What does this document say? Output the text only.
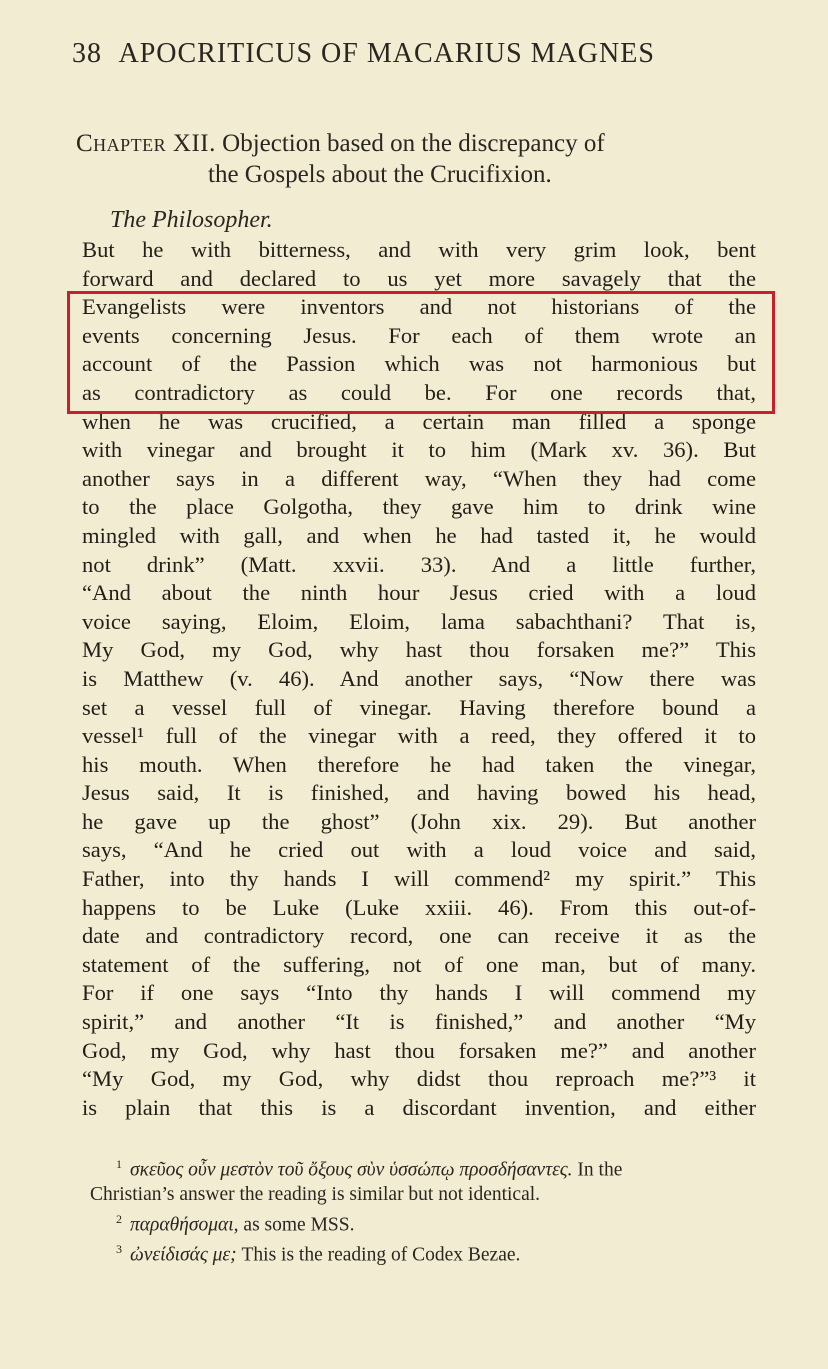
38 APOCRITICUS OF MACARIUS MAGNES
Chapter XII. Objection based on the discrepancy of
the Gospels about the Crucifixion.
The Philosopher.
But he with bitterness, and with very grim look, bent
forward and declared to us yet more savagely that the
Evangelists were inventors and not historians of the
events concerning Jesus. For each of them wrote an
account of the Passion which was not harmonious but
as contradictory as could be. For one records that,
when he was crucified, a certain man filled a sponge
with vinegar and brought it to him (Mark xv. 36). But
another says in a different way, “When they had come
to the place Golgotha, they gave him to drink wine
mingled with gall, and when he had tasted it, he would
not drink” (Matt. xxvii. 33). And a little further,
“And about the ninth hour Jesus cried with a loud
voice saying, Eloim, Eloim, lama sabachthani? That is,
My God, my God, why hast thou forsaken me?” This
is Matthew (v. 46). And another says, “Now there was
set a vessel full of vinegar. Having therefore bound a
vessel¹ full of the vinegar with a reed, they offered it to
his mouth. When therefore he had taken the vinegar,
Jesus said, It is finished, and having bowed his head,
he gave up the ghost” (John xix. 29). But another
says, “And he cried out with a loud voice and said,
Father, into thy hands I will commend² my spirit.” This
happens to be Luke (Luke xxiii. 46). From this out-of-
date and contradictory record, one can receive it as the
statement of the suffering, not of one man, but of many.
For if one says “Into thy hands I will commend my
spirit,” and another “It is finished,” and another “My
God, my God, why hast thou forsaken me?” and another
“My God, my God, why didst thou reproach me?”³ it
is plain that this is a discordant invention, and either
$^1$ σκεῦος οὖν μεστὸν τοῦ ὄξους σὺν ὑσσώπῳ προσδήσαντες. In the
Christian’s answer the reading is similar but not identical.
$^2$ παραθήσομαι, as some MSS.
$^3$ ὠνείδισάς με; This is the reading of Codex Bezae.
